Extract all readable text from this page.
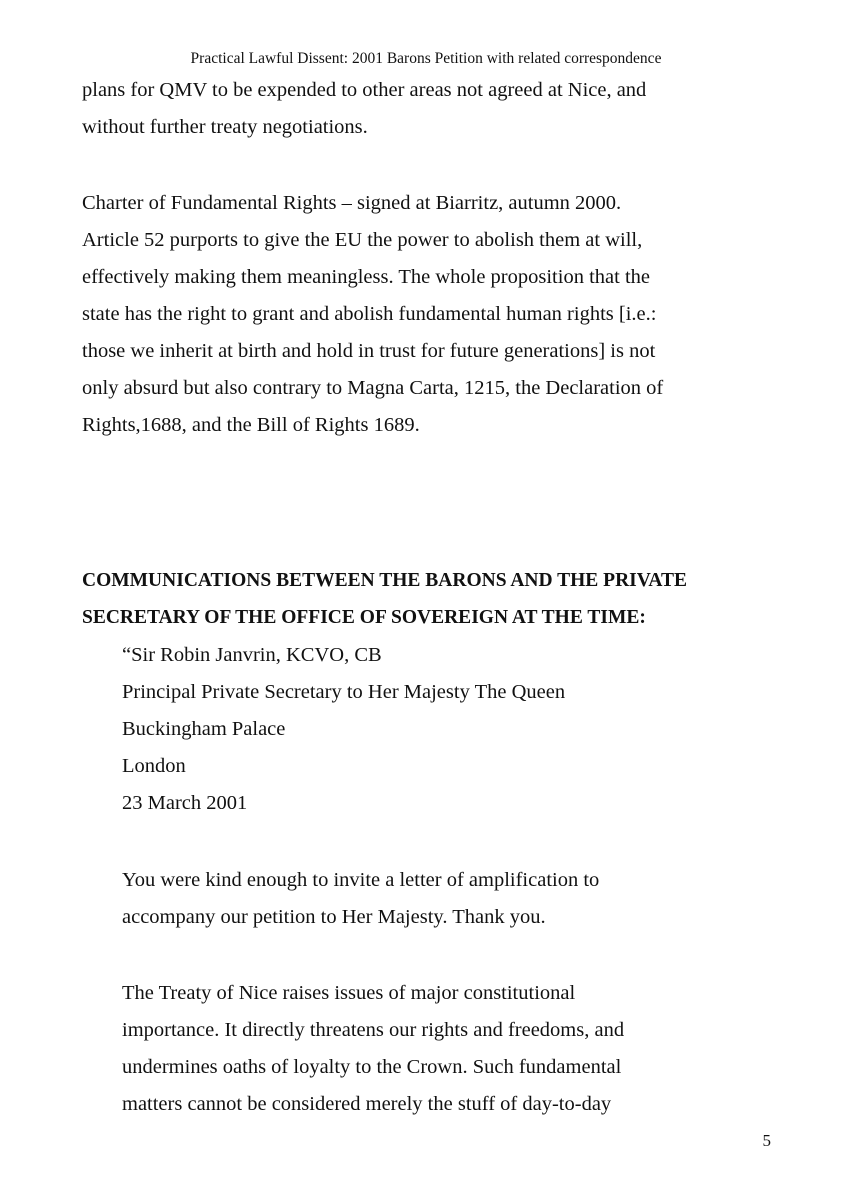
Practical Lawful Dissent: 2001 Barons Petition with related correspondence
plans for QMV to be expended to other areas not agreed at Nice, and
without further treaty negotiations.
Charter of Fundamental Rights – signed at Biarritz, autumn 2000.
Article 52 purports to give the EU the power to abolish them at will,
effectively making them meaningless. The whole proposition that the
state has the right to grant and abolish fundamental human rights [i.e.:
those we inherit at birth and hold in trust for future generations] is not
only absurd but also contrary to Magna Carta, 1215, the Declaration of
Rights,1688, and the Bill of Rights 1689.
COMMUNICATIONS BETWEEN THE BARONS AND THE PRIVATE
SECRETARY OF THE OFFICE OF SOVEREIGN AT THE TIME:
“Sir Robin Janvrin, KCVO, CB
Principal Private Secretary to Her Majesty The Queen
Buckingham Palace
London
23 March 2001
You were kind enough to invite a letter of amplification to
accompany our petition to Her Majesty. Thank you.
The Treaty of Nice raises issues of major constitutional
importance. It directly threatens our rights and freedoms, and
undermines oaths of loyalty to the Crown. Such fundamental
matters cannot be considered merely the stuff of day-to-day
5
